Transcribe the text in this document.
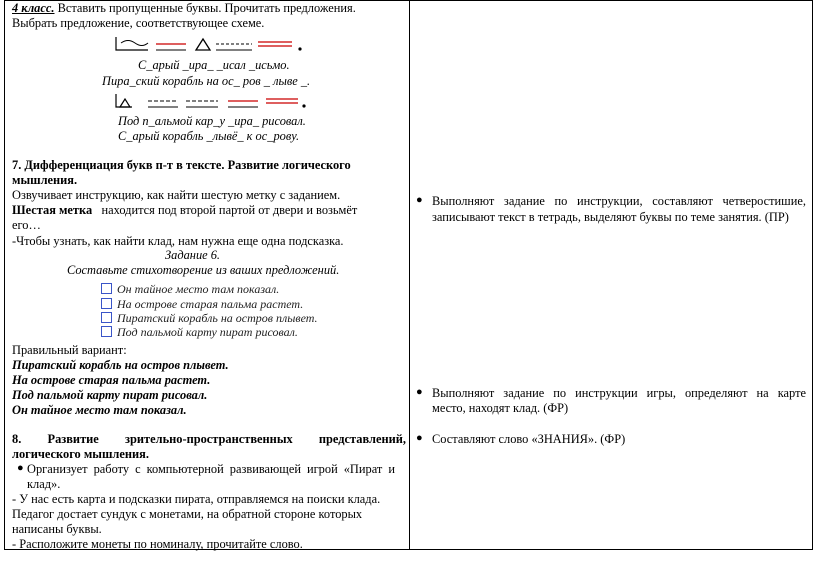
4 класс. Вставить пропущенные буквы. Прочитать предложения.
Выбрать предложение, соответствующее схеме.
С_арый _ира_ _исал _исьмо.
Пира_ский корабль на ос_ ров _ лыве _.
Под п_альмой кар_у _ира_ рисовал.
С_арый корабль _лывё_ к ос_рову.
7. Дифференциация букв п-т в тексте. Развитие логического
мышления.
Озвучивает инструкцию, как найти шестую метку с заданием.
Шестая метка находится под второй партой от двери и возьмёт
его…
-Чтобы узнать, как найти клад, нам нужна еще одна подсказка.
Задание 6.
Составьте стихотворение из ваших предложений.
Он тайное место там показал.
На острове старая пальма растет.
Пиратский корабль на остров плывет.
Под пальмой карту пират рисовал.
Правильный вариант:
Пиратский корабль на остров плывет.
На острове старая пальма растет.
Под пальмой карту пират рисовал.
Он тайное место там показал.
8. Развитие зрительно-пространственных представлений,
логического мышления.
● Организует работу с компьютерной развивающей игрой «Пират и
клад».
- У нас есть карта и подсказки пирата, отправляемся на поиски клада.
Педагог достает сундук с монетами, на обратной стороне которых
написаны буквы.
- Расположите монеты по номиналу, прочитайте слово.
● Выполняют задание по инструкции, составляют четверостишие,
записывают текст в тетрадь, выделяют буквы по теме занятия. (ПР)
● Выполняют задание по инструкции игры, определяют на карте
место, находят клад. (ФР)
● Составляют слово «ЗНАНИЯ». (ФР)
